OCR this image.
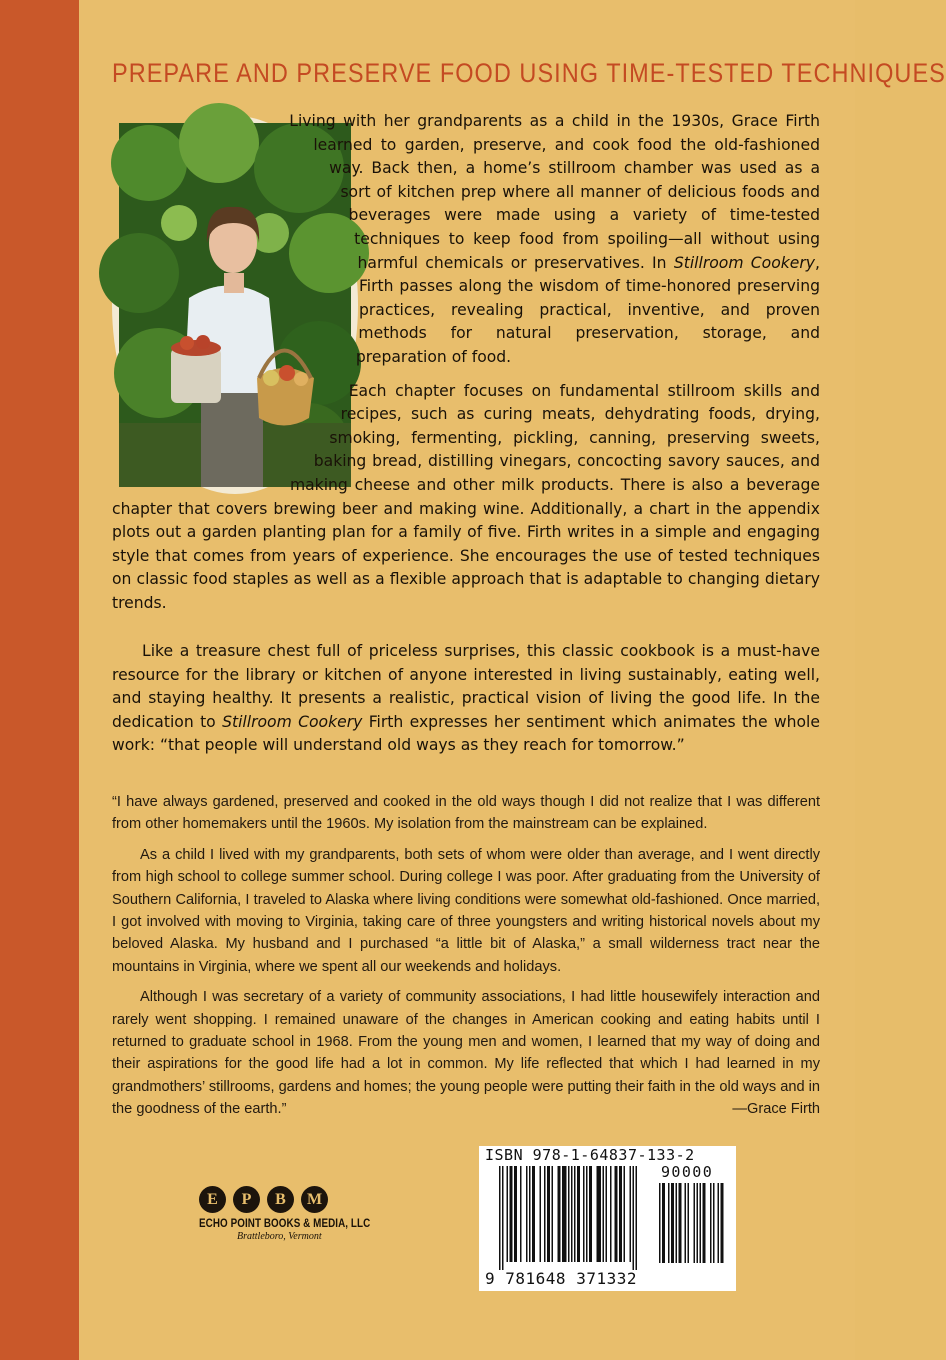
PREPARE AND PRESERVE FOOD USING TIME-TESTED TECHNIQUES

Living with her grandparents as a child in the 1930s, Grace Firth learned to garden, preserve, and cook food the old-fashioned way. Back then, a home’s stillroom chamber was used as a sort of kitchen prep where all manner of delicious foods and beverages were made using a variety of time-tested techniques to keep food from spoiling—all without using harmful chemicals or preservatives. In Stillroom Cookery, Firth passes along the wisdom of time-honored preserving practices, revealing practical, inventive, and proven methods for natural preservation, storage, and preparation of food.

Each chapter focuses on fundamental stillroom skills and recipes, such as curing meats, dehydrating foods, drying, smoking, fermenting, pickling, canning, preserving sweets, baking bread, distilling vinegars, concocting savory sauces, and making cheese and other milk products. There is also a beverage chapter that covers brewing beer and making wine. Additionally, a chart in the appendix plots out a garden planting plan for a family of five. Firth writes in a simple and engaging style that comes from years of experience. She encourages the use of tested techniques on classic food staples as well as a flexible approach that is adaptable to changing dietary trends.

Like a treasure chest full of priceless surprises, this classic cookbook is a must-have resource for the library or kitchen of anyone interested in living sustainably, eating well, and staying healthy. It presents a realistic, practical vision of living the good life. In the dedication to Stillroom Cookery Firth expresses her sentiment which animates the whole work: “that people will understand old ways as they reach for tomorrow.”

“I have always gardened, preserved and cooked in the old ways though I did not realize that I was different from other homemakers until the 1960s. My isolation from the mainstream can be explained.

As a child I lived with my grandparents, both sets of whom were older than average, and I went directly from high school to college summer school. During college I was poor. After graduating from the University of Southern California, I traveled to Alaska where living conditions were somewhat old-fashioned. Once married, I got involved with moving to Virginia, taking care of three youngsters and writing historical novels about my beloved Alaska. My husband and I purchased “a little bit of Alaska,” a small wilderness tract near the mountains in Virginia, where we spent all our weekends and holidays.

Although I was secretary of a variety of community associations, I had little housewifely interaction and rarely went shopping. I remained unaware of the changes in American cooking and eating habits until I returned to graduate school in 1968. From the young men and women, I learned that my way of doing and their aspirations for the good life had a lot in common. My life reflected that which I had learned in my grandmothers’ stillrooms, gardens and homes; the young people were putting their faith in the old ways and in the goodness of the earth.”	—Grace Firth

E	P	B	M
ECHO POINT BOOKS & MEDIA, LLC
Brattleboro, Vermont
ISBN 978-1-64837-133-2
90000
9 781648 371332
